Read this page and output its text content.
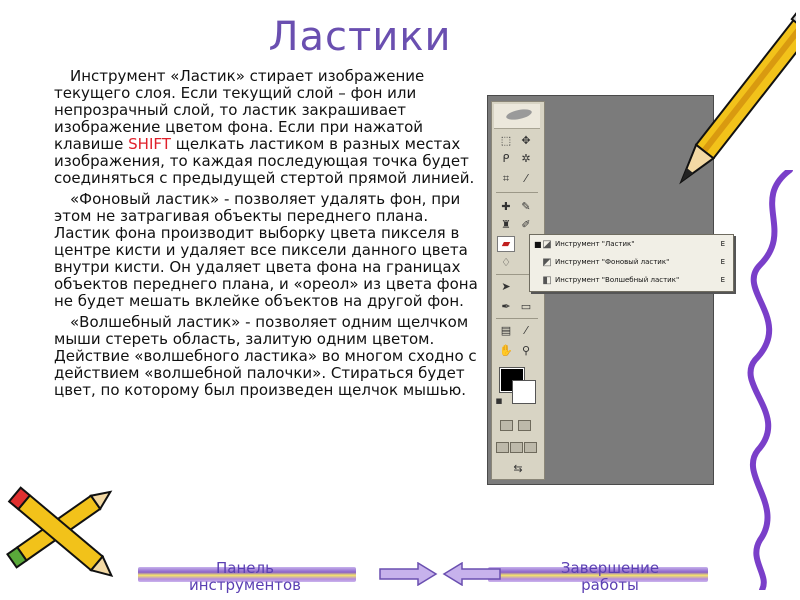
Ластики

Инструмент «Ластик» стирает изображение текущего слоя. Если текущий слой – фон или непрозрачный слой, то ластик закрашивает изображение цветом фона. Если при нажатой клавише SHIFT щелкать ластиком в разных местах изображения, то каждая последующая точка будет соединяться с предыдущей стертой прямой линией.

«Фоновый ластик» - позволяет удалять фон, при этом не затрагивая объекты переднего плана. Ластик фона производит выборку цвета пикселя в центре кисти и удаляет все пиксели данного цвета внутри кисти. Он удаляет цвета фона на границах объектов переднего плана, и «ореол» из цвета фона не будет мешать вклейке объектов на другой фон.

«Волшебный ластик» - позволяет одним щелчком мыши стереть область, залитую одним цветом. Действие «волшебного ластика» во многом сходно с действием «волшебной палочки». Стираться будет цвет, по которому был произведен щелчок мышью.

⬚ ✥
ᑭ	✲
⌗	⁄
✚ ✎
♜ ✐
▰
♢
➤
✒ ▭
▤	⁄
✋ ⚲
▪
⇆
■ ◪ Инструмент "Ластик"	E
◩ Инструмент "Фоновый ластик"	E
◧ Инструмент "Волшебный ластик"	E
Панель инструментов
Завершение работы
